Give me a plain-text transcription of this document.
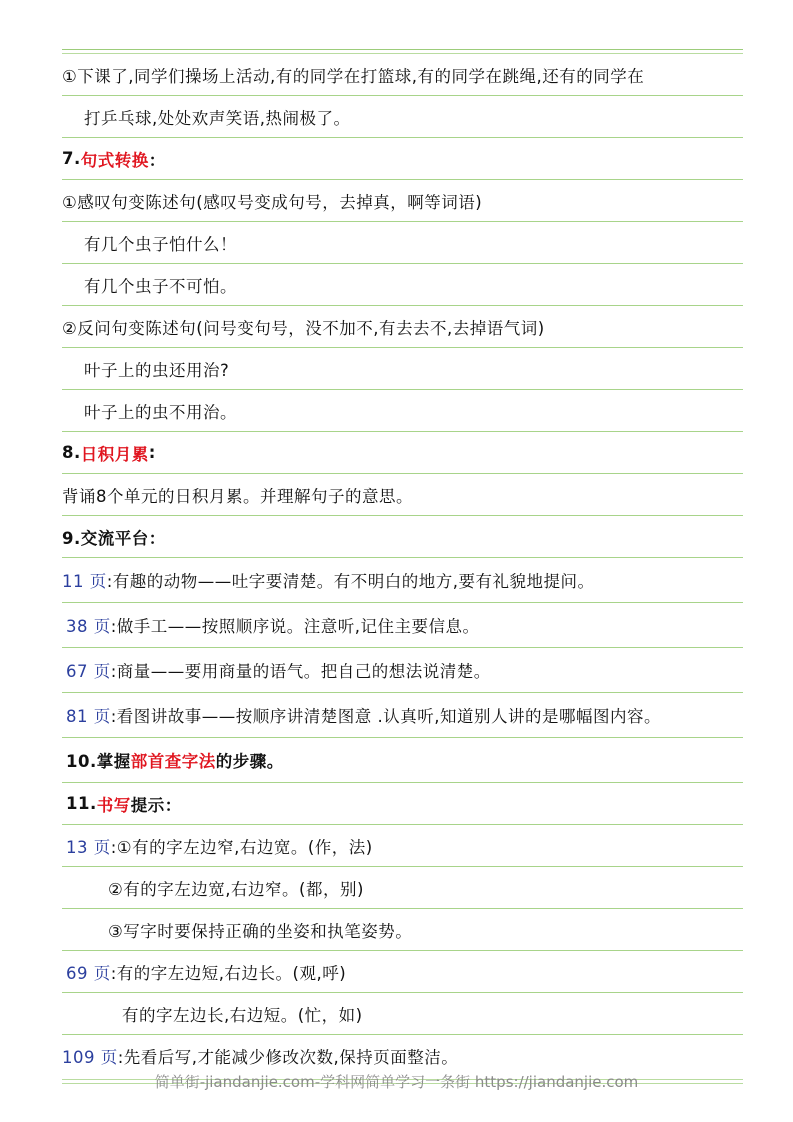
①下课了,同学们操场上活动,有的同学在打篮球,有的同学在跳绳,还有的同学在
打乒乓球,处处欢声笑语,热闹极了。
7. 句式转换 ：
①感叹句变陈述句(感叹号变成句号，去掉真，啊等词语)
有几个虫子怕什么！
有几个虫子不可怕。
②反问句变陈述句(问号变句号，没不加不,有去去不,去掉语气词)
叶子上的虫还用治?
叶子上的虫不用治。
8. 日积月累 :
背诵8个单元的日积月累。并理解句子的意思。
9.交流平台：
11 页 :有趣的动物——吐字要清楚。有不明白的地方,要有礼貌地提问。
38 页 :做手工——按照顺序说。注意听,记住主要信息。
67 页 :商量——要用商量的语气。把自己的想法说清楚。
81 页 :看图讲故事——按顺序讲清楚图意 .认真听,知道别人讲的是哪幅图内容。
10.掌握 部首查字法 的步骤。
11. 书写 提示：
13 页 :①有的字左边窄,右边宽。(作，法)
②有的字左边宽,右边窄。(都，别)
③写字时要保持正确的坐姿和执笔姿势。
69 页 :有的字左边短,右边长。(观,呼)
有的字左边长,右边短。(忙，如)
109 页 :先看后写,才能减少修改次数,保持页面整洁。
简单街-jiandanjie.com-学科网简单学习一条街 https://jiandanjie.com
